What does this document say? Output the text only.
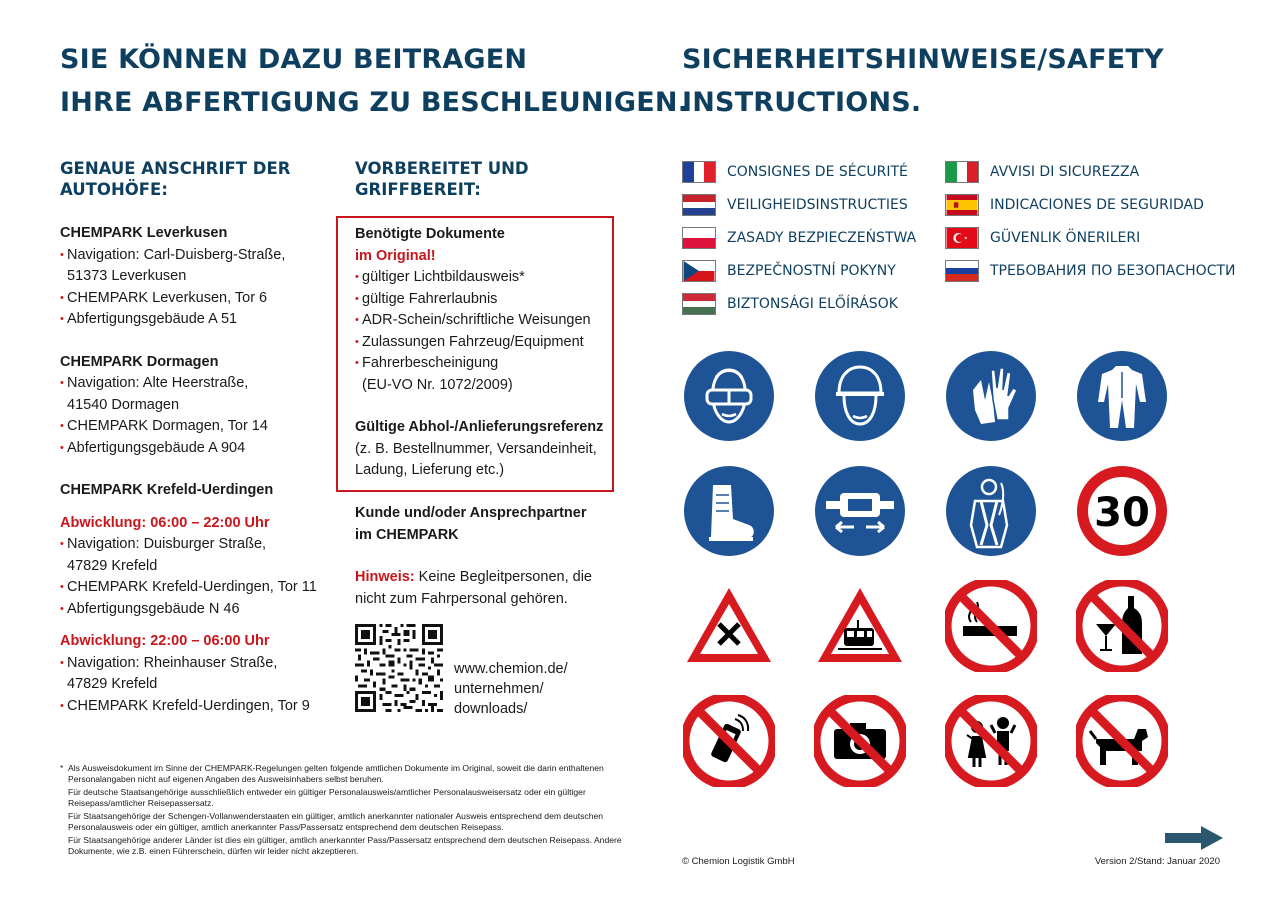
SIE KÖNNEN DAZU BEITRAGEN
IHRE ABFERTIGUNG ZU BESCHLEUNIGEN.
SICHERHEITSHINWEISE/SAFETY
INSTRUCTIONS.
GENAUE ANSCHRIFT DER
AUTOHÖFE:
CHEMPARK Leverkusen
• Navigation: Carl-Duisberg-Straße,
51373 Leverkusen
• CHEMPARK Leverkusen, Tor 6
• Abfertigungsgebäude A 51
CHEMPARK Dormagen
• Navigation: Alte Heerstraße,
41540 Dormagen
• CHEMPARK Dormagen, Tor 14
• Abfertigungsgebäude A 904
CHEMPARK Krefeld-Uerdingen
Abwicklung: 06:00 – 22:00 Uhr
• Navigation: Duisburger Straße,
47829 Krefeld
• CHEMPARK Krefeld-Uerdingen, Tor 11
• Abfertigungsgebäude N 46
Abwicklung: 22:00 – 06:00 Uhr
• Navigation: Rheinhauser Straße,
47829 Krefeld
• CHEMPARK Krefeld-Uerdingen, Tor 9
VORBEREITET UND
GRIFFBEREIT:
Benötigte Dokumente
im Original!
• gültiger Lichtbildausweis*
• gültige Fahrerlaubnis
• ADR-Schein/schriftliche Weisungen
• Zulassungen Fahrzeug/Equipment
• Fahrerbescheinigung
(EU-VO Nr. 1072/2009)
Gültige Abhol-/Anlieferungsreferenz
(z. B. Bestellnummer, Versandeinheit,
Ladung, Lieferung etc.)
Kunde und/oder Ansprechpartner
im CHEMPARK
Hinweis: Keine Begleitpersonen, die
nicht zum Fahrpersonal gehören.
www.chemion.de/
unternehmen/
downloads/
* Als Ausweisdokument im Sinne der CHEMPARK-Regelungen gelten folgende amtlichen Dokumente im Original, soweit die darin enthaltenen Personalangaben nicht auf eigenen Angaben des Ausweisinhabers selbst beruhen.

Für deutsche Staatsangehörige ausschließlich entweder ein gültiger Personalausweis/amtlicher Personalausweisersatz oder ein gültiger Reisepass/amtlicher Reisepassersatz.

Für Staatsangehörige der Schengen-Vollanwenderstaaten ein gültiger, amtlich anerkannter nationaler Ausweis entsprechend dem deutschen Personalausweis oder ein gültiger, amtlich anerkannter Pass/Passersatz entsprechend dem deutschen Reisepass.

Für Staatsangehörige anderer Länder ist dies ein gültiger, amtlich anerkannter Pass/Passersatz entsprechend dem deutschen Reisepass. Andere Dokumente, wie z.B. einen Führerschein, dürfen wir leider nicht akzeptieren.

CONSIGNES DE SÉCURITÉ
VEILIGHEIDSINSTRUCTIES
ZASADY BEZPIECZEŃSTWA
BEZPEČNOSTNÍ POKYNY
BIZTONSÁGI ELŐÍRÁSOK
AVVISI DI SICUREZZA
INDICACIONES DE SEGURIDAD
GÜVENLIK ÖNERILERI
ТРЕБОВАНИЯ ПО БЕЗОПАСНОСТИ
30
© Chemion Logistik GmbH	Version 2/Stand: Januar 2020
